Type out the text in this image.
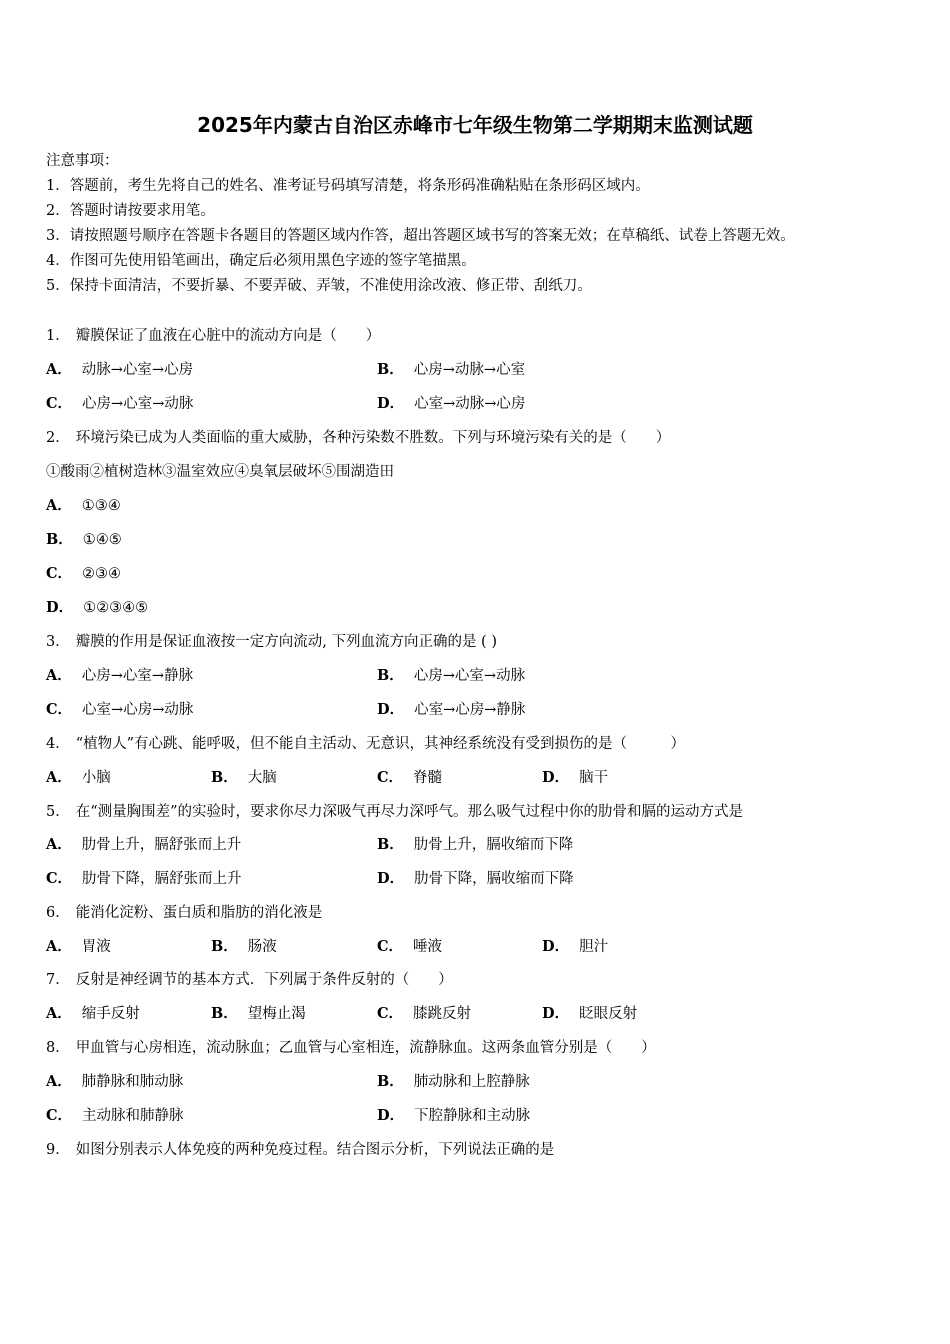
2025年内蒙古自治区赤峰市七年级生物第二学期期末监测试题
注意事项：
1．答题前，考生先将自己的姓名、准考证号码填写清楚，将条形码准确粘贴在条形码区域内。
2．答题时请按要求用笔。
3．请按照题号顺序在答题卡各题目的答题区域内作答，超出答题区域书写的答案无效；在草稿纸、试卷上答题无效。
4．作图可先使用铅笔画出，确定后必须用黑色字迹的签字笔描黑。
5．保持卡面清洁，不要折暴、不要弄破、弄皱，不准使用涂改液、修正带、刮纸刀。
1． 瓣膜保证了血液在心脏中的流动方向是（　　）
A． 动脉→心室→心房	B． 心房→动脉→心室
C． 心房→心室→动脉	D． 心室→动脉→心房
2． 环境污染已成为人类面临的重大威胁，各种污染数不胜数。下列与环境污染有关的是（　　）
①酸雨②植树造林③温室效应④臭氧层破坏⑤围湖造田
A． ①③④
B． ①④⑤
C． ②③④
D． ①②③④⑤
3． 瓣膜的作用是保证血液按一定方向流动, 下列血流方向正确的是 ( )
A． 心房→心室→静脉	B． 心房→心室→动脉
C． 心室→心房→动脉	D． 心室→心房→静脉
4． “植物人”有心跳、能呼吸，但不能自主活动、无意识，其神经系统没有受到损伤的是（　　　）
A． 小脑	B． 大脑	C． 脊髓	D． 脑干
5． 在“测量胸围差”的实验时，要求你尽力深吸气再尽力深呼气。那么吸气过程中你的肋骨和膈的运动方式是
A． 肋骨上升，膈舒张而上升	B． 肋骨上升，膈收缩而下降
C． 肋骨下降，膈舒张而上升	D． 肋骨下降，膈收缩而下降
6． 能消化淀粉、蛋白质和脂肪的消化液是
A． 胃液	B． 肠液	C． 唾液	D． 胆汁
7． 反射是神经调节的基本方式．下列属于条件反射的（　　）
A． 缩手反射	B． 望梅止渴	C． 膝跳反射	D． 眨眼反射
8． 甲血管与心房相连，流动脉血；乙血管与心室相连，流静脉血。这两条血管分别是（　　）
A． 肺静脉和肺动脉	B． 肺动脉和上腔静脉
C． 主动脉和肺静脉	D． 下腔静脉和主动脉
9． 如图分别表示人体免疫的两种免疫过程。结合图示分析，下列说法正确的是
